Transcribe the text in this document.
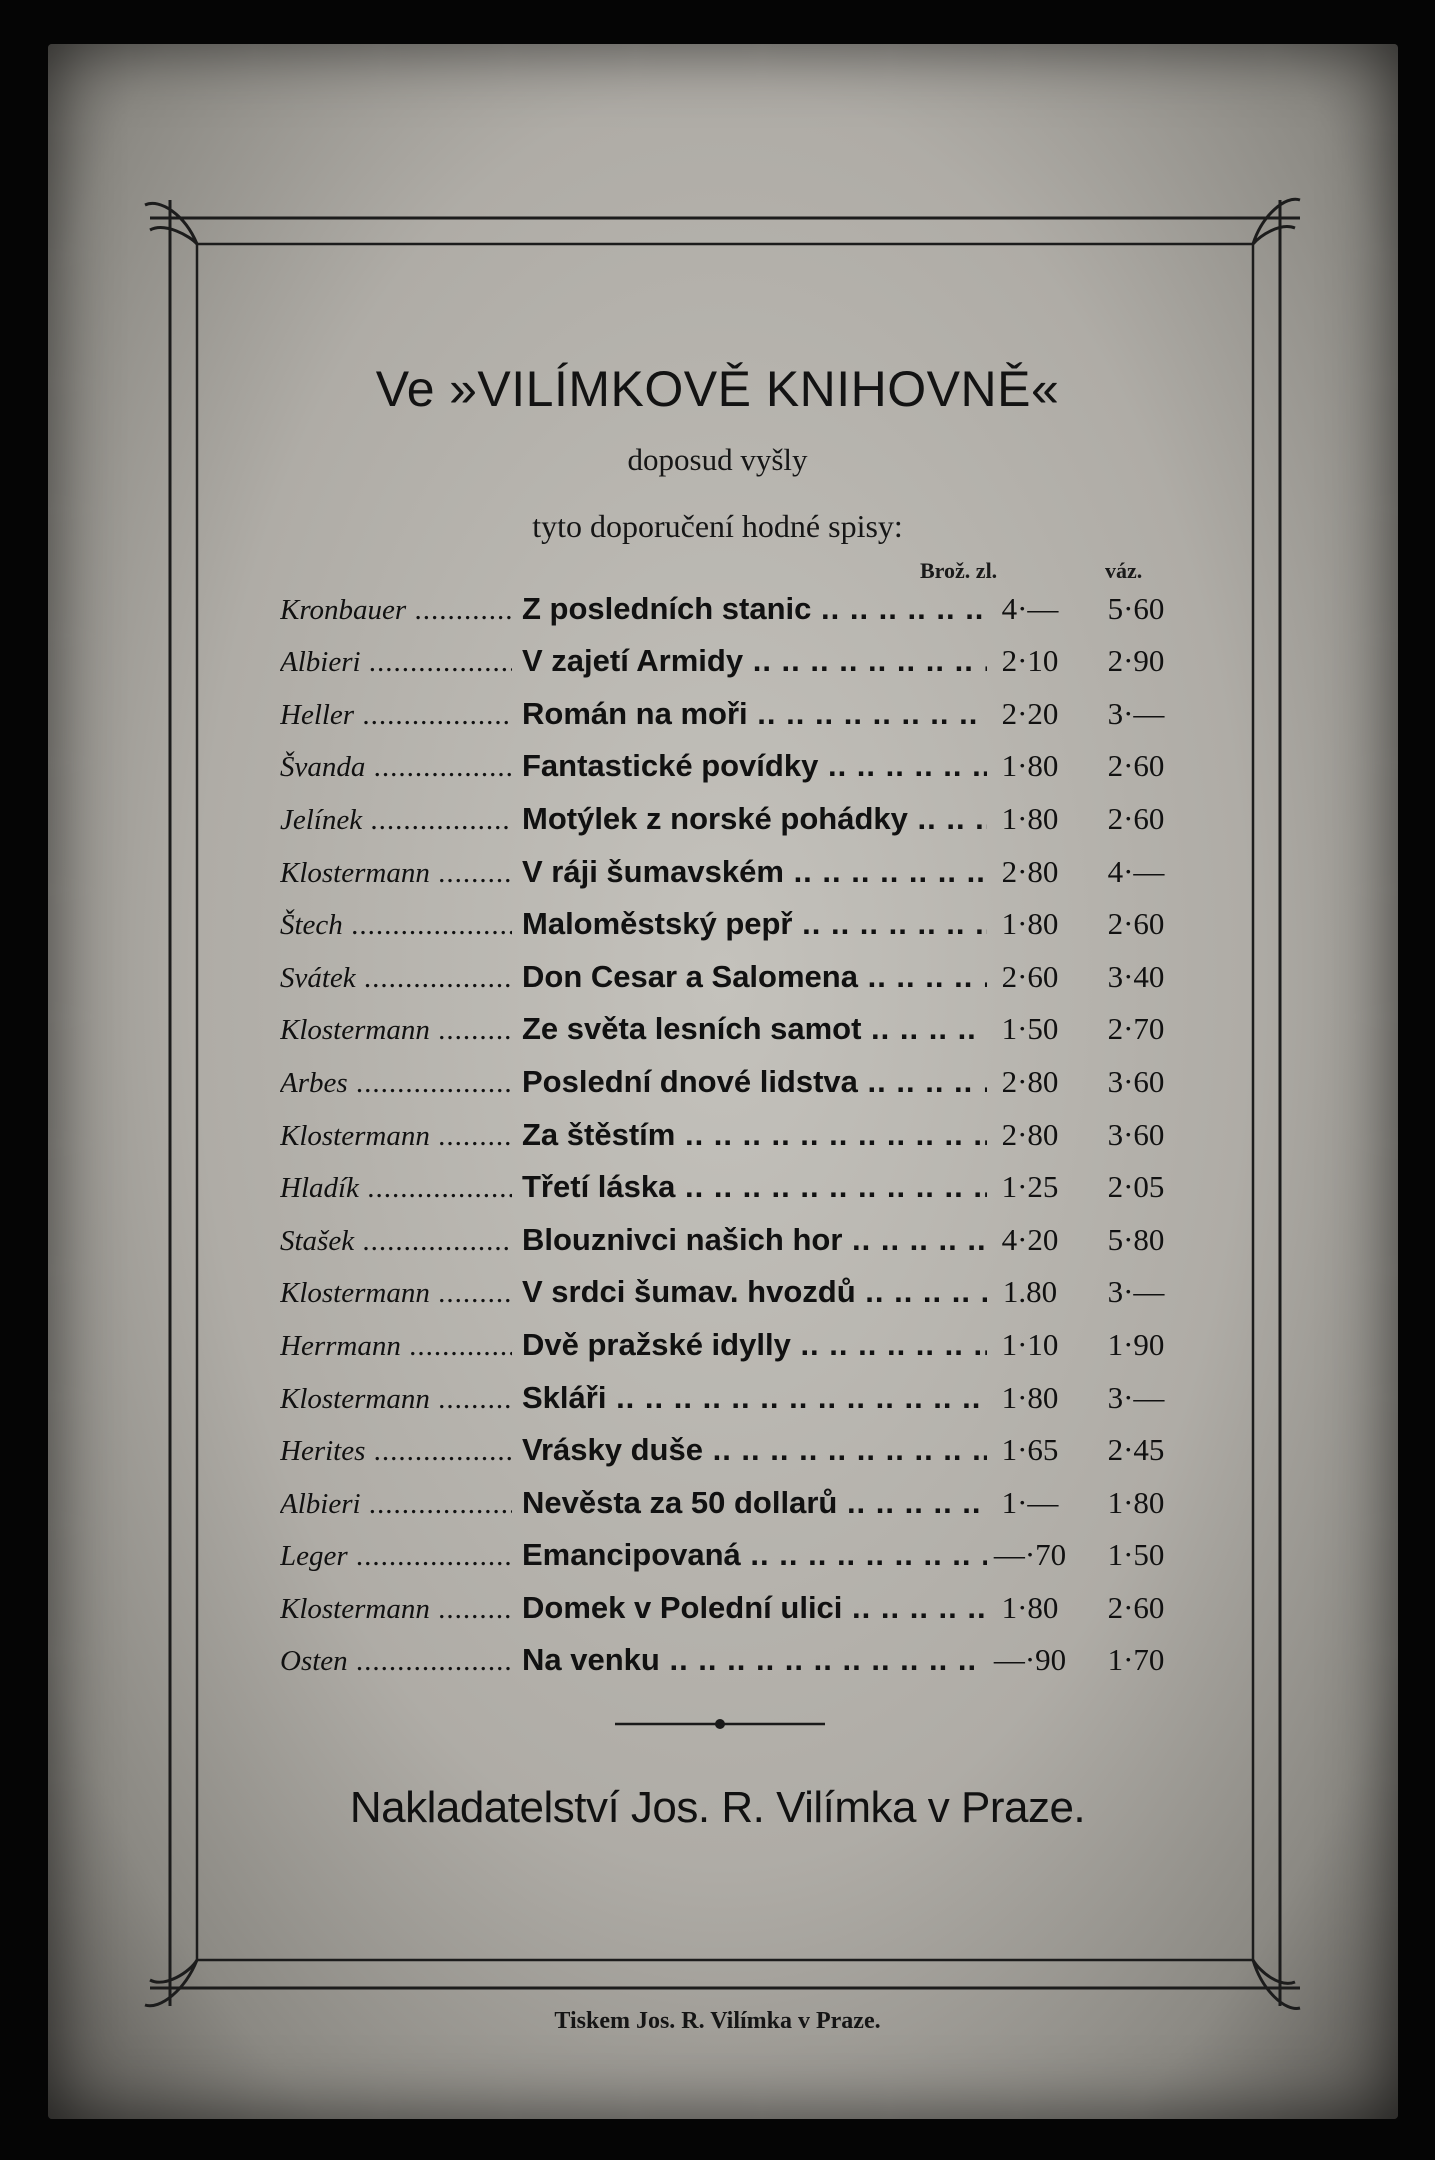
Ve »VILÍMKOVĚ KNIHOVNĚ«
doposud vyšly
tyto doporučení hodné spisy:
Brož. zl.	váz.
Kronbauer .....	Z posledních stanic .. ..	4·—	5·60
Albieri .....	V zajetí Armidy .. ..	2·10	2·90
Heller .....	Román na moři .. ..	2·20	3·—
Švanda .....	Fantastické povídky .. ..	1·80	2·60
Jelínek .....	Motýlek z norské pohádky .. ..	1·80	2·60
Klostermann .....	V ráji šumavském .. ..	2·80	4·—
Štech .....	Maloměstský pepř .. ..	1·80	2·60
Svátek .....	Don Cesar a Salomena .. ..	2·60	3·40
Klostermann .....	Ze světa lesních samot .. ..	1·50	2·70
Arbes .....	Poslední dnové lidstva .. ..	2·80	3·60
Klostermann .....	Za štěstím .. ..	2·80	3·60
Hladík .....	Třetí láska .. ..	1·25	2·05
Stašek .....	Blouznivci našich hor .. ..	4·20	5·80
Klostermann .....	V srdci šumav. hvozdů .. ..	1.80	3·—
Herrmann .....	Dvě pražské idylly .. ..	1·10	1·90
Klostermann .....	Skláři .. ..	1·80	3·—
Herites .....	Vrásky duše .. ..	1·65	2·45
Albieri .....	Nevěsta za 50 dollarů .. ..	1·—	1·80
Leger .....	Emancipovaná .. ..	—·70	1·50
Klostermann .....	Domek v Polední ulici .. ..	1·80	2·60
Osten .....	Na venku .. ..	—·90	1·70
Nakladatelství Jos. R. Vilímka v Praze.
Tiskem Jos. R. Vilímka v Praze.
